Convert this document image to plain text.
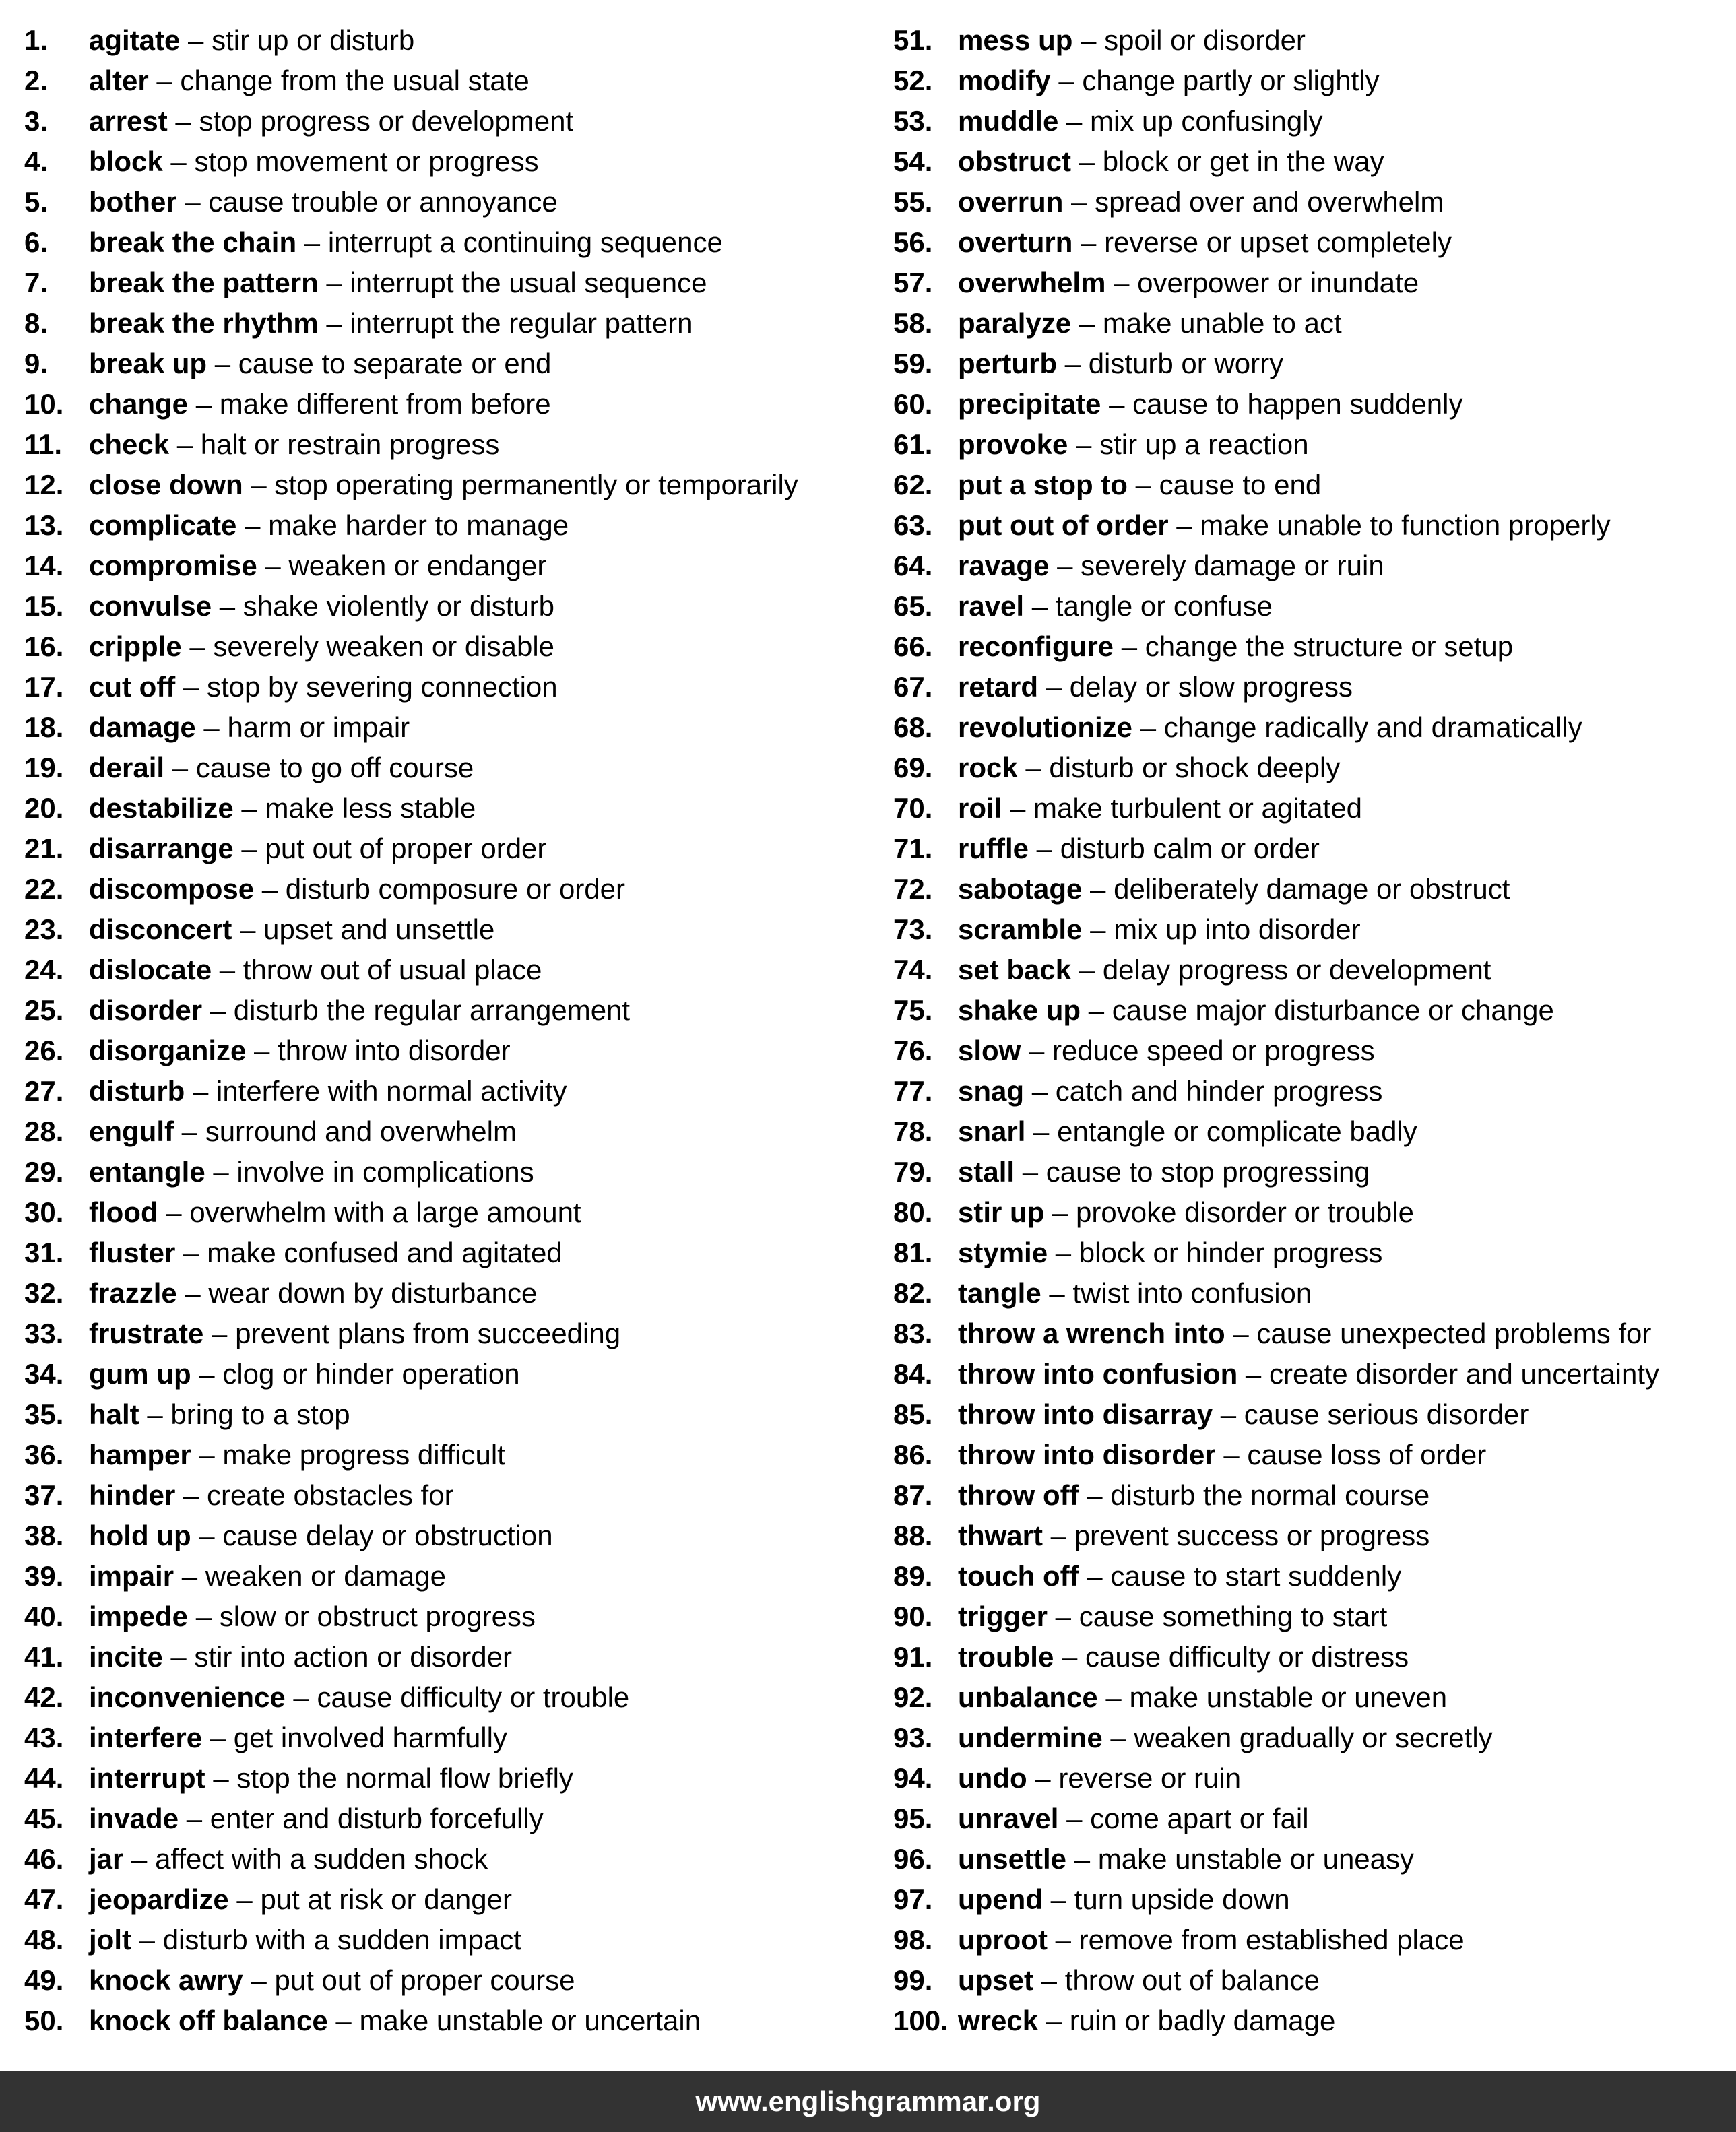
1.	agitate – stir up or disturb
2.	alter – change from the usual state
3.	arrest – stop progress or development
4.	block – stop movement or progress
5.	bother – cause trouble or annoyance
6.	break the chain – interrupt a continuing sequence
7.	break the pattern – interrupt the usual sequence
8.	break the rhythm – interrupt the regular pattern
9.	break up – cause to separate or end
10. change – make different from before
11. check – halt or restrain progress
12. close down – stop operating permanently or temporarily
13. complicate – make harder to manage
14. compromise – weaken or endanger
15. convulse – shake violently or disturb
16. cripple – severely weaken or disable
17. cut off – stop by severing connection
18. damage – harm or impair
19. derail – cause to go off course
20. destabilize – make less stable
21. disarrange – put out of proper order
22. discompose – disturb composure or order
23. disconcert – upset and unsettle
24. dislocate – throw out of usual place
25. disorder – disturb the regular arrangement
26. disorganize – throw into disorder
27. disturb – interfere with normal activity
28. engulf – surround and overwhelm
29. entangle – involve in complications
30. flood – overwhelm with a large amount
31. fluster – make confused and agitated
32. frazzle – wear down by disturbance
33. frustrate – prevent plans from succeeding
34. gum up – clog or hinder operation
35. halt – bring to a stop
36. hamper – make progress difficult
37. hinder – create obstacles for
38. hold up – cause delay or obstruction
39. impair – weaken or damage
40. impede – slow or obstruct progress
41. incite – stir into action or disorder
42. inconvenience – cause difficulty or trouble
43. interfere – get involved harmfully
44. interrupt – stop the normal flow briefly
45. invade – enter and disturb forcefully
46. jar – affect with a sudden shock
47. jeopardize – put at risk or danger
48. jolt – disturb with a sudden impact
49. knock awry – put out of proper course
50. knock off balance – make unstable or uncertain
51. mess up – spoil or disorder
52. modify – change partly or slightly
53. muddle – mix up confusingly
54. obstruct – block or get in the way
55. overrun – spread over and overwhelm
56. overturn – reverse or upset completely
57. overwhelm – overpower or inundate
58. paralyze – make unable to act
59. perturb – disturb or worry
60. precipitate – cause to happen suddenly
61. provoke – stir up a reaction
62. put a stop to – cause to end
63. put out of order – make unable to function properly
64. ravage – severely damage or ruin
65. ravel – tangle or confuse
66. reconfigure – change the structure or setup
67. retard – delay or slow progress
68. revolutionize – change radically and dramatically
69. rock – disturb or shock deeply
70. roil – make turbulent or agitated
71. ruffle – disturb calm or order
72. sabotage – deliberately damage or obstruct
73. scramble – mix up into disorder
74. set back – delay progress or development
75. shake up – cause major disturbance or change
76. slow – reduce speed or progress
77. snag – catch and hinder progress
78. snarl – entangle or complicate badly
79. stall – cause to stop progressing
80. stir up – provoke disorder or trouble
81. stymie – block or hinder progress
82. tangle – twist into confusion
83. throw a wrench into – cause unexpected problems for
84. throw into confusion – create disorder and uncertainty
85. throw into disarray – cause serious disorder
86. throw into disorder – cause loss of order
87. throw off – disturb the normal course
88. thwart – prevent success or progress
89. touch off – cause to start suddenly
90. trigger – cause something to start
91. trouble – cause difficulty or distress
92. unbalance – make unstable or uneven
93. undermine – weaken gradually or secretly
94. undo – reverse or ruin
95. unravel – come apart or fail
96. unsettle – make unstable or uneasy
97. upend – turn upside down
98. uproot – remove from established place
99. upset – throw out of balance
100. wreck – ruin or badly damage
www.englishgrammar.org
